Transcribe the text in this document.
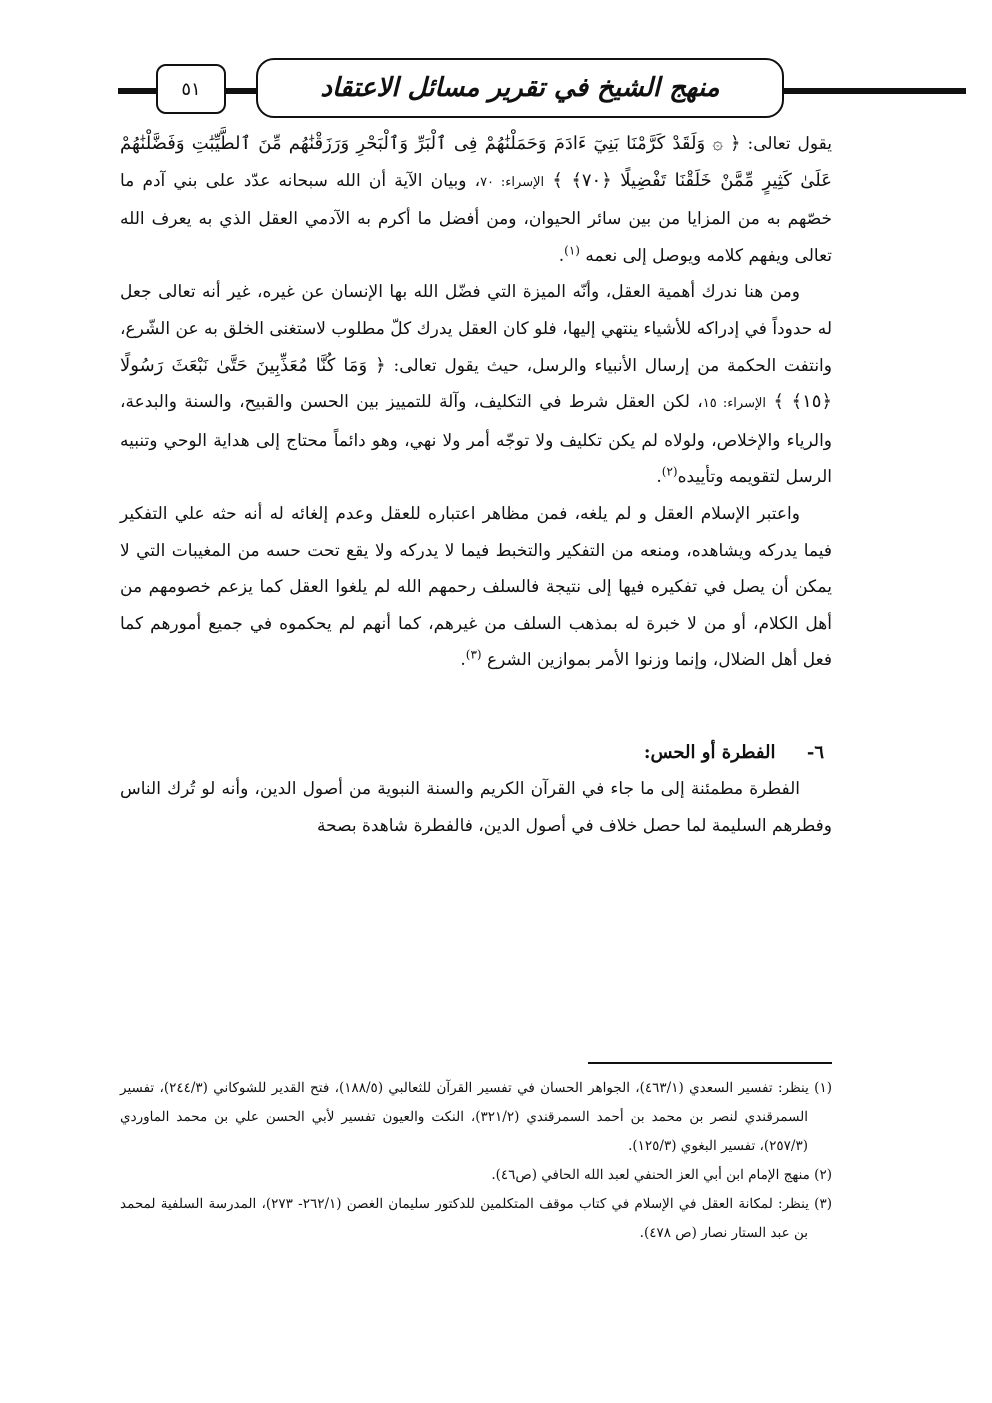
٥١	منهج الشيخ في تقرير مسائل الاعتقاد

يقول تعالى: ﴿ ۞ وَلَقَدْ كَرَّمْنَا بَنِيٓ ءَادَمَ وَحَمَلْنَٰهُمْ فِى ٱلْبَرِّ وَٱلْبَحْرِ وَرَزَقْنَٰهُم مِّنَ ٱلطَّيِّبَٰتِ وَفَضَّلْنَٰهُمْ عَلَىٰ كَثِيرٍ مِّمَّنْ خَلَقْنَا تَفْضِيلًا ﴿٧٠﴾ ﴾ الإسراء: ٧٠، وبيان الآية أن الله سبحانه عدّد على بني آدم ما خصّهم به من المزايا من بين سائر الحيوان، ومن أفضل ما أكرم به الآدمي العقل الذي به يعرف الله تعالى ويفهم كلامه ويوصل إلى نعمه $^{(١)}$.

ومن هنا ندرك أهمية العقل، وأنّه الميزة التي فضّل الله بها الإنسان عن غيره، غير أنه تعالى جعل له حدوداً في إدراكه للأشياء ينتهي إليها، فلو كان العقل يدرك كلّ مطلوب لاستغنى الخلق به عن الشّرع، وانتفت الحكمة من إرسال الأنبياء والرسل، حيث يقول تعالى: ﴿ وَمَا كُنَّا مُعَذِّبِينَ حَتَّىٰ نَبْعَثَ رَسُولًا ﴿١٥﴾ ﴾ الإسراء: ١٥، لكن العقل شرط في التكليف، وآلة للتمييز بين الحسن والقبيح، والسنة والبدعة، والرياء والإخلاص، ولولاه لم يكن تكليف ولا توجّه أمر ولا نهي، وهو دائماً محتاج إلى هداية الوحي وتنبيه الرسل لتقويمه وتأييده$^{(٢)}$.

واعتبر الإسلام العقل و لم يلغه، فمن مظاهر اعتباره للعقل وعدم إلغائه له أنه حثه علي التفكير فيما يدركه ويشاهده، ومنعه من التفكير والتخبط فيما لا يدركه ولا يقع تحت حسه من المغيبات التي لا يمكن أن يصل في تفكيره فيها إلى نتيجة فالسلف رحمهم الله لم يلغوا العقل كما يزعم خصومهم من أهل الكلام، أو من لا خبرة له بمذهب السلف من غيرهم، كما أنهم لم يحكموه في جميع أمورهم كما فعل أهل الضلال، وإنما وزنوا الأمر بموازين الشرع $^{(٣)}$.

٦-     الفطرة أو الحس:

الفطرة مطمئنة إلى ما جاء في القرآن الكريم والسنة النبوية من أصول الدين، وأنه لو تُرك الناس وفطرهم السليمة لما حصل خلاف في أصول الدين، فالفطرة شاهدة بصحة

(١) ينظر: تفسير السعدي (٤٦٣/١)، الجواهر الحسان في تفسير القرآن للثعالبي (١٨٨/٥)، فتح القدير للشوكاني (٢٤٤/٣)، تفسير السمرقندي لنصر بن محمد بن أحمد السمرقندي (٣٢١/٢)، النكت والعيون تفسير لأبي الحسن علي بن محمد الماوردي (٢٥٧/٣)، تفسير البغوي (١٢٥/٣).

(٢) منهج الإمام ابن أبي العز الحنفي لعبد الله الحافي (ص٤٦).

(٣) ينظر: لمكانة العقل في الإسلام في كتاب موقف المتكلمين للدكتور سليمان الغصن (٢٦٢/١- ٢٧٣)، المدرسة السلفية لمحمد بن عبد الستار نصار (ص ٤٧٨).
